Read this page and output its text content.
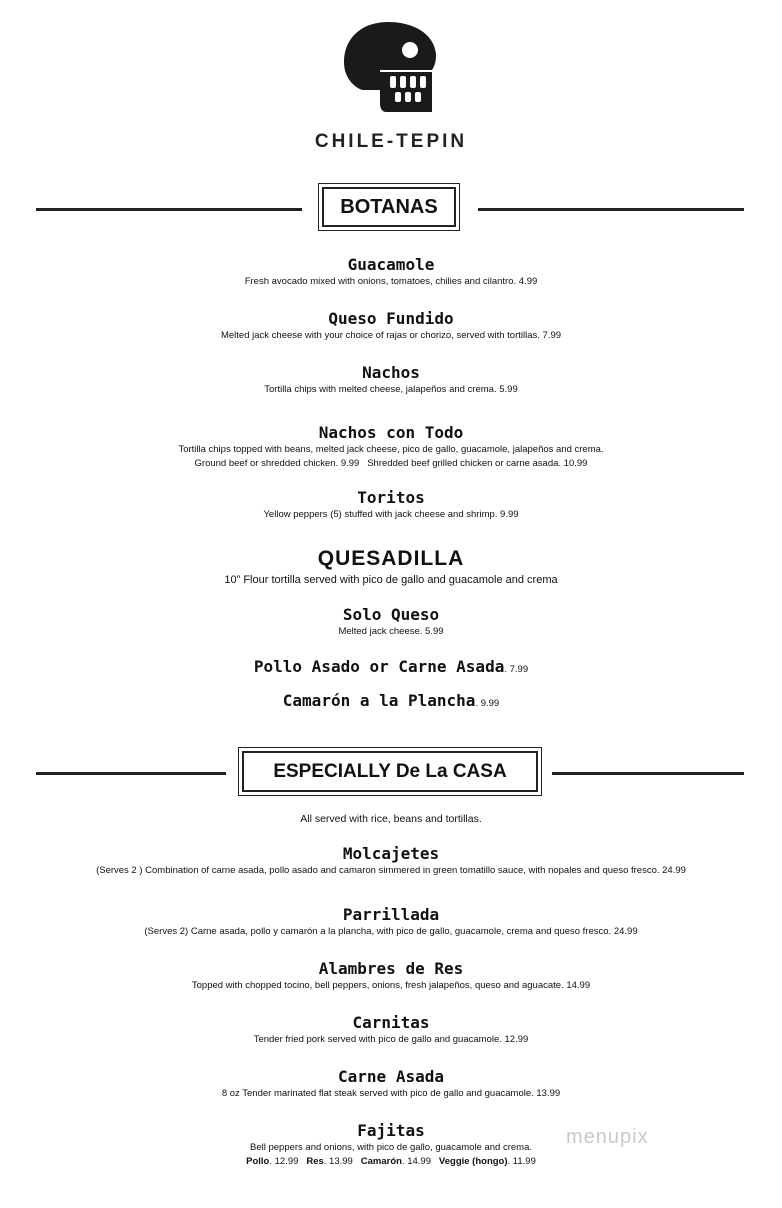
CHILE-TEPIN
BOTANAS
Guacamole
Fresh avocado mixed with onions, tomatoes, chilies and cilantro. 4.99
Queso Fundido
Melted jack cheese with your choice of rajas or chorizo, served with tortillas. 7.99
Nachos
Tortilla chips with melted cheese, jalapeños and crema. 5.99
Nachos con Todo
Tortilla chips topped with beans, melted jack cheese, pico de gallo, guacamole, jalapeños and crema.
Ground beef or shredded chicken. 9.99   Shredded beef grilled chicken or carne asada. 10.99
Toritos
Yellow peppers (5) stuffed with jack cheese and shrimp. 9.99
QUESADILLA
10” Flour tortilla served with pico de gallo and guacamole and crema
Solo Queso
Melted jack cheese. 5.99
Pollo Asado or Carne Asada. 7.99
Camarón a la Plancha. 9.99
ESPECIALLY De La CASA
All served with rice, beans and tortillas.
Molcajetes
(Serves 2 ) Combination of carne asada, pollo asado and camaron simmered in green tomatillo sauce, with nopales and queso fresco. 24.99
Parrillada
(Serves 2) Carne asada, pollo y camarón a la plancha, with pico de gallo, guacamole, crema and queso fresco. 24.99
Alambres de Res
Topped with chopped tocino, bell peppers, onions, fresh jalapeños, queso and aguacate. 14.99
Carnitas
Tender fried pork served with pico de gallo and guacamole. 12.99
Carne Asada
8 oz Tender marinated flat steak served with pico de gallo and guacamole. 13.99
Fajitas
Bell peppers and onions, with pico de gallo, guacamole and crema.
Pollo. 12.99 Res. 13.99 Camarón. 14.99 Veggie (hongo). 11.99
menupix
